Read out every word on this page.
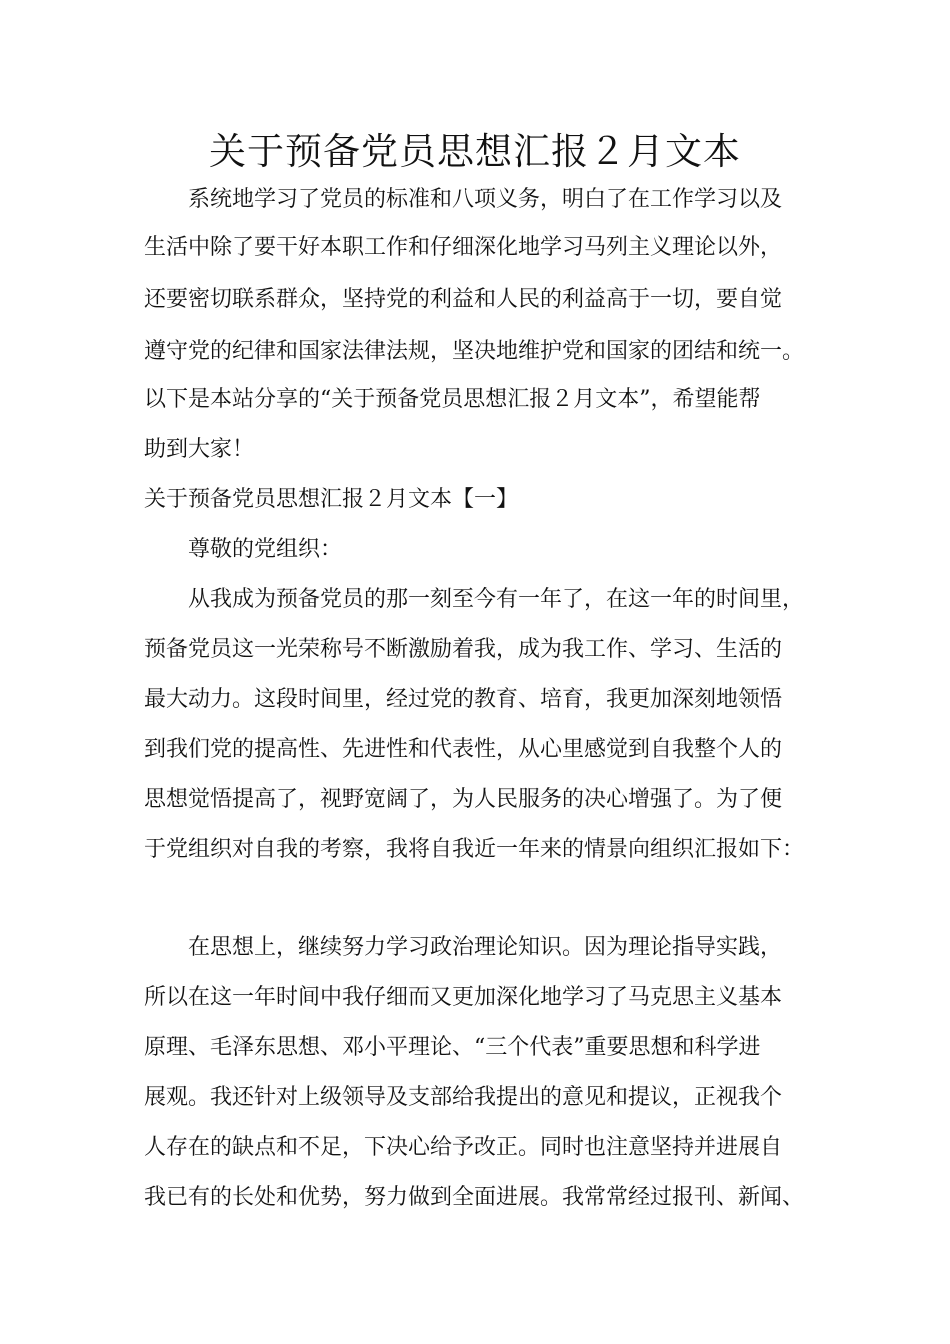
关于预备党员思想汇报２月文本
系统地学习了党员的标准和八项义务，明白了在工作学习以及
生活中除了要干好本职工作和仔细深化地学习马列主义理论以外，
还要密切联系群众，坚持党的利益和人民的利益高于一切，要自觉
遵守党的纪律和国家法律法规，坚决地维护党和国家的团结和统一。
以下是本站分享的“关于预备党员思想汇报２月文本”，希望能帮
助到大家！
关于预备党员思想汇报２月文本【一】
尊敬的党组织：
从我成为预备党员的那一刻至今有一年了，在这一年的时间里，
预备党员这一光荣称号不断激励着我，成为我工作、学习、生活的
最大动力。这段时间里，经过党的教育、培育，我更加深刻地领悟
到我们党的提高性、先进性和代表性，从心里感觉到自我整个人的
思想觉悟提高了，视野宽阔了，为人民服务的决心增强了。为了便
于党组织对自我的考察，我将自我近一年来的情景向组织汇报如下：
在思想上，继续努力学习政治理论知识。因为理论指导实践，
所以在这一年时间中我仔细而又更加深化地学习了马克思主义基本
原理、毛泽东思想、邓小平理论、“三个代表”重要思想和科学进
展观。我还针对上级领导及支部给我提出的意见和提议，正视我个
人存在的缺点和不足，下决心给予改正。同时也注意坚持并进展自
我已有的长处和优势，努力做到全面进展。我常常经过报刊、新闻、
